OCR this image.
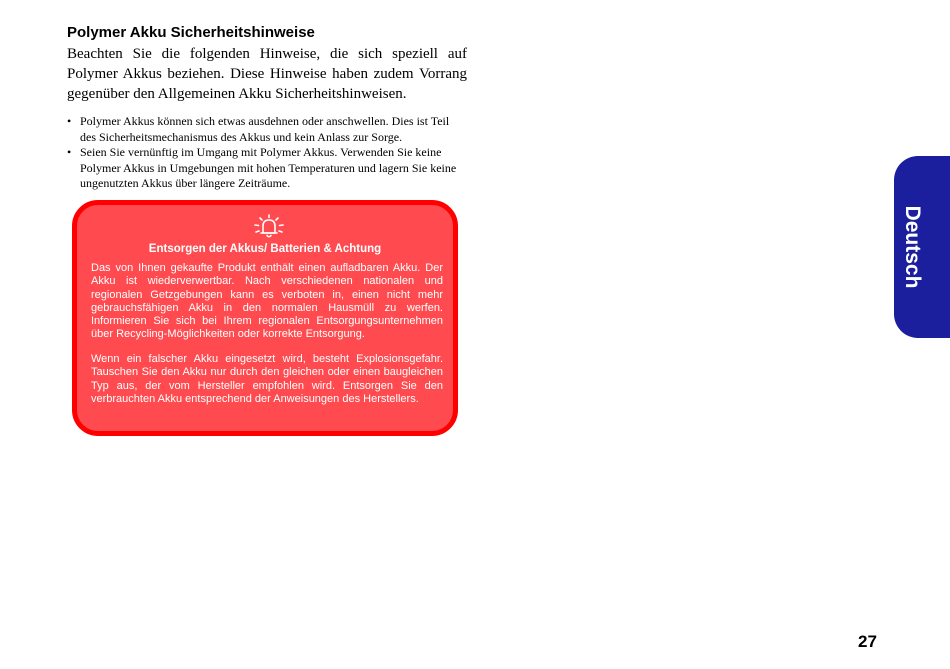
Polymer Akku Sicherheitshinweise

Beachten Sie die folgenden Hinweise, die sich speziell auf Polymer Akkus beziehen. Diese Hinweise haben zudem Vorrang gegenüber den Allgemeinen Akku Sicherheitshinweisen.

• Polymer Akkus können sich etwas ausdehnen oder anschwellen. Dies ist Teil des Sicherheitsmechanismus des Akkus und kein Anlass zur Sorge.
• Seien Sie vernünftig im Umgang mit Polymer Akkus. Verwenden Sie keine Polymer Akkus in Umgebungen mit hohen Temperaturen und lagern Sie keine ungenutzten Akkus über längere Zeiträume.

Entsorgen der Akkus/ Batterien & Achtung

Das von Ihnen gekaufte Produkt enthält einen aufladbaren Akku. Der Akku ist wiederverwertbar. Nach verschiedenen nationalen und regionalen Getzgebungen kann es verboten in, einen nicht mehr gebrauchsfähigen Akku in den normalen Hausmüll zu werfen. Informieren Sie sich bei Ihrem regionalen Entsorgungsunternehmen über Recycling-Möglichkeiten oder korrekte Entsorgung.

Wenn ein falscher Akku eingesetzt wird, besteht Explosionsgefahr. Tauschen Sie den Akku nur durch den gleichen oder einen baugleichen Typ aus, der vom Hersteller empfohlen wird. Entsorgen Sie den verbrauchten Akku entsprechend der Anweisungen des Herstellers.

Deutsch

27
